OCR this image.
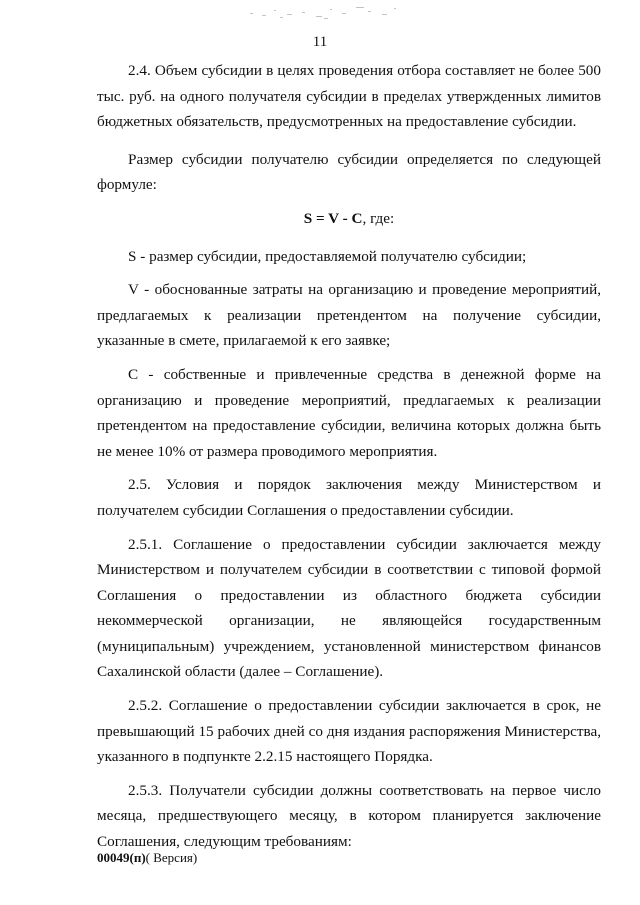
11

2.4. Объем субсидии в целях проведения отбора составляет не более 500 тыс. руб. на одного получателя субсидии в пределах утвержденных лимитов бюджетных обязательств, предусмотренных на предоставление субсидии.

Размер субсидии получателю субсидии определяется по следующей формуле:

S = V - C, где:

S - размер субсидии, предоставляемой получателю субсидии;

V - обоснованные затраты на организацию и проведение мероприятий, предлагаемых к реализации претендентом на получение субсидии, указанные в смете, прилагаемой к его заявке;

С - собственные и привлеченные средства в денежной форме на организацию и проведение мероприятий, предлагаемых к реализации претендентом на предоставление субсидии, величина которых должна быть не менее 10% от размера проводимого мероприятия.

2.5. Условия и порядок заключения между Министерством и получателем субсидии Соглашения о предоставлении субсидии.

2.5.1. Соглашение о предоставлении субсидии заключается между Министерством и получателем субсидии в соответствии с типовой формой Соглашения о предоставлении из областного бюджета субсидии некоммерческой организации, не являющейся государственным (муниципальным) учреждением, установленной министерством финансов Сахалинской области (далее – Соглашение).

2.5.2. Соглашение о предоставлении субсидии заключается в срок, не превышающий 15 рабочих дней со дня издания распоряжения Министерства, указанного в подпункте 2.2.15 настоящего Порядка.

2.5.3. Получатели субсидии должны соответствовать на первое число месяца, предшествующего месяцу, в котором планируется заключение Соглашения, следующим требованиям:

00049(п)( Версия)
